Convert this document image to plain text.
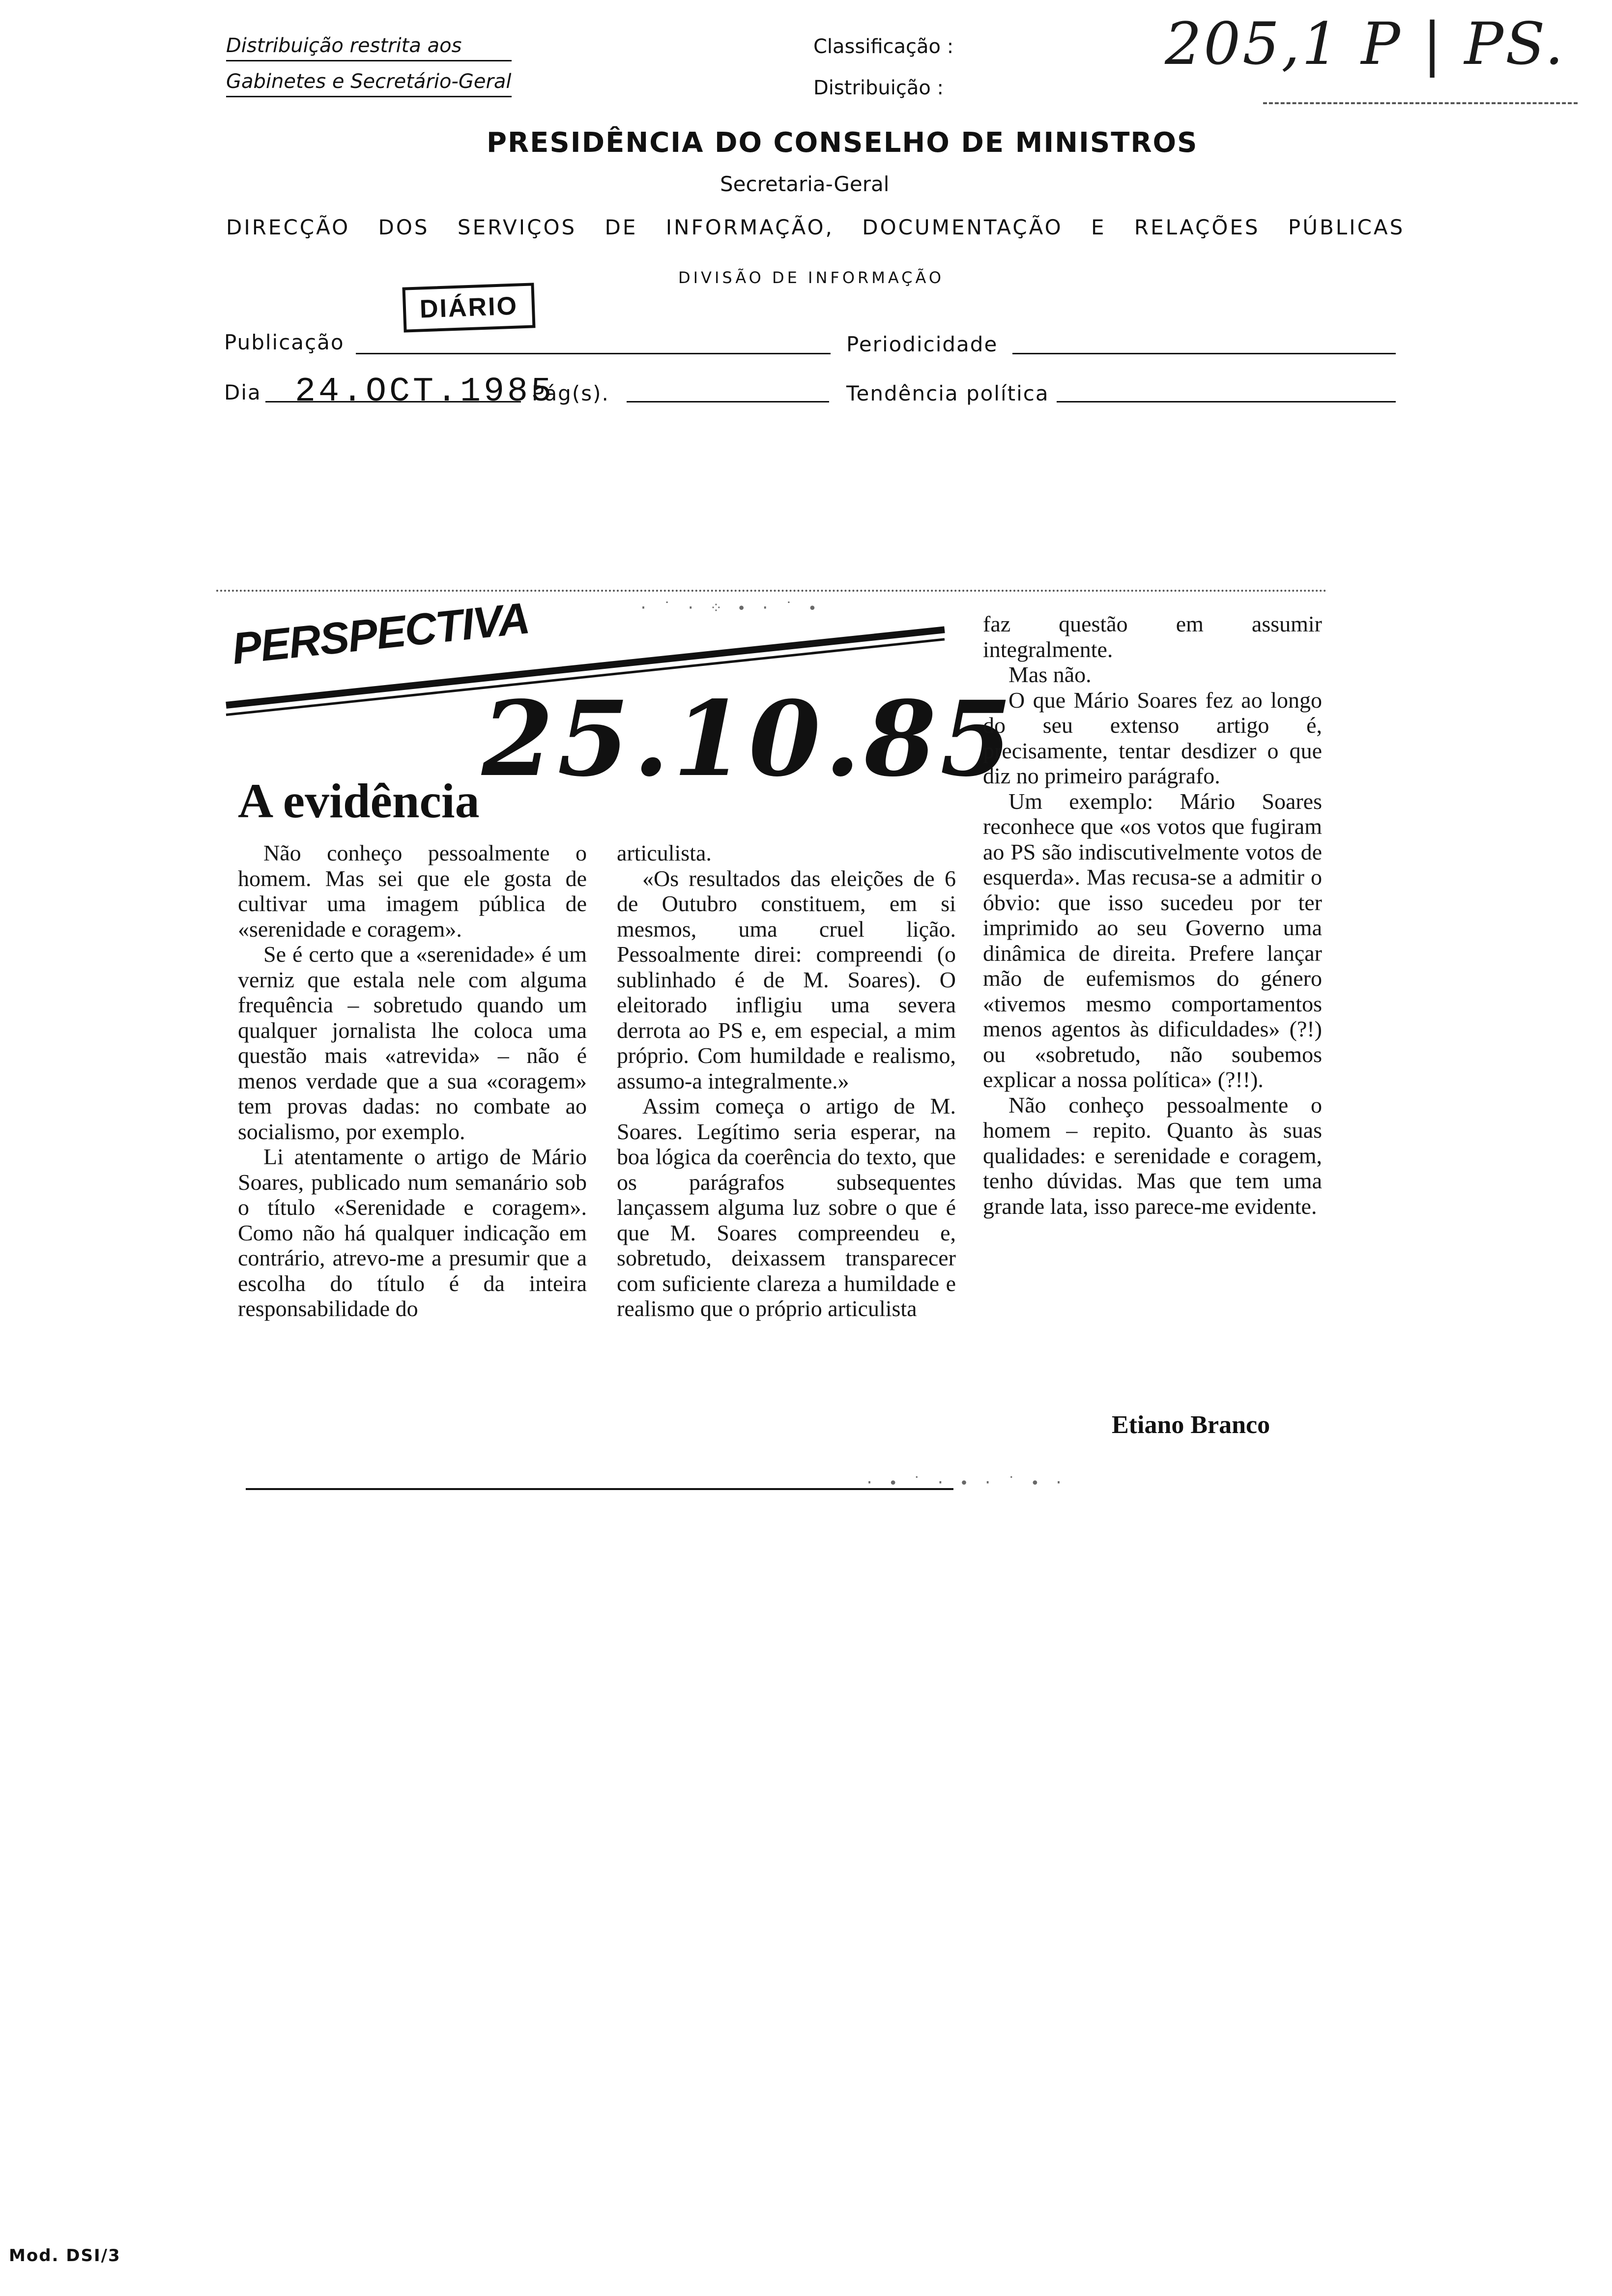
Distribuição restrita aos
Gabinetes e Secretário-Geral
Classificação :
Distribuição :
205,1 P | PS.
PRESIDÊNCIA DO CONSELHO DE MINISTROS
Secretaria-Geral
DIRECÇÃO DOS SERVIÇOS DE INFORMAÇÃO, DOCUMENTAÇÃO E RELAÇÕES PÚBLICAS
DIVISÃO DE INFORMAÇÃO
Publicação
DIÁRIO
Periodicidade
Dia 24.OCT.1985
Pág(s).	Tendência política
· ˙ · ⁘ ∙ · ˙ ∙
PERSPECTIVA
25.10.85
A evidência

Não conheço pessoalmente o homem. Mas sei que ele gosta de cultivar uma imagem pública de «serenidade e coragem».

Se é certo que a «serenidade» é um verniz que estala nele com alguma frequência – sobretudo quando um qualquer jornalista lhe coloca uma questão mais «atrevida» – não é menos verdade que a sua «coragem» tem provas dadas: no combate ao socialismo, por exemplo.

Li atentamente o artigo de Mário Soares, publicado num semanário sob o título «Serenidade e coragem». Como não há qualquer indicação em contrário, atrevo-me a presumir que a escolha do título é da inteira responsabilidade do

articulista.

«Os resultados das eleições de 6 de Outubro constituem, em si mesmos, uma cruel lição. Pessoalmente direi: compreendi (o sublinhado é de M. Soares). O eleitorado infligiu uma severa derrota ao PS e, em especial, a mim próprio. Com humildade e realismo, assumo-a integralmente.»

Assim começa o artigo de M. Soares. Legítimo seria esperar, na boa lógica da coerência do texto, que os parágrafos subsequentes lançassem alguma luz sobre o que é que M. Soares compreendeu e, sobretudo, deixassem transparecer com suficiente clareza a humildade e realismo que o próprio articulista

faz questão em assumir integralmente.

Mas não.

O que Mário Soares fez ao longo do seu extenso artigo é, precisamente, tentar desdizer o que diz no primeiro parágrafo.

Um exemplo: Mário Soares reconhece que «os votos que fugiram ao PS são indiscutivelmente votos de esquerda». Mas recusa-se a admitir o óbvio: que isso sucedeu por ter imprimido ao seu Governo uma dinâmica de direita. Prefere lançar mão de eufemismos do género «tivemos mesmo comportamentos menos agentos às dificuldades» (?!) ou «sobretudo, não soubemos explicar a nossa política» (?!!).

Não conheço pessoalmente o homem – repito. Quanto às suas qualidades: e serenidade e coragem, tenho dúvidas. Mas que tem uma grande lata, isso parece-me evidente.

Etiano Branco
· ∙ ˙ · ∙ · ˙ ∙ ·
Mod. DSI/3
